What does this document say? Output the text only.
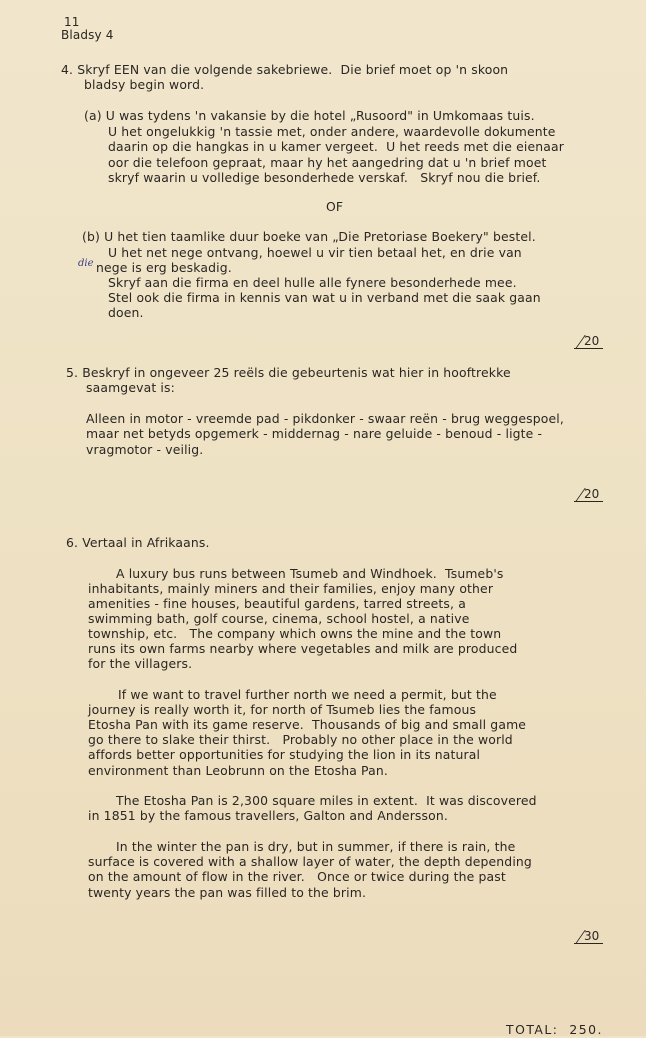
11
Bladsy 4
4. Skryf EEN van die volgende sakebriewe.  Die brief moet op 'n skoon
bladsy begin word.
(a) U was tydens 'n vakansie by die hotel „Rusoord" in Umkomaas tuis.
U het ongelukkig 'n tassie met, onder andere, waardevolle dokumente
daarin op die hangkas in u kamer vergeet.  U het reeds met die eienaar
oor die telefoon gepraat, maar hy het aangedring dat u 'n brief moet
skryf waarin u volledige besonderhede verskaf.   Skryf nou die brief.
OF
(b) U het tien taamlike duur boeke van „Die Pretoriase Boekery" bestel.
U het net nege ontvang, hoewel u vir tien betaal het, en drie van
die nege is erg beskadig.
Skryf aan die firma en deel hulle alle fynere besonderhede mee.
Stel ook die firma in kennis van wat u in verband met die saak gaan
doen.
20
5. Beskryf in ongeveer 25 reëls die gebeurtenis wat hier in hooftrekke
saamgevat is:
Alleen in motor - vreemde pad - pikdonker - swaar reën - brug weggespoel,
maar net betyds opgemerk - middernag - nare geluide - benoud - ligte -
vragmotor - veilig.
20
6. Vertaal in Afrikaans.
A luxury bus runs between Tsumeb and Windhoek.  Tsumeb's
inhabitants, mainly miners and their families, enjoy many other
amenities - fine houses, beautiful gardens, tarred streets, a
swimming bath, golf course, cinema, school hostel, a native
township, etc.   The company which owns the mine and the town
runs its own farms nearby where vegetables and milk are produced
for the villagers.
If we want to travel further north we need a permit, but the
journey is really worth it, for north of Tsumeb lies the famous
Etosha Pan with its game reserve.  Thousands of big and small game
go there to slake their thirst.   Probably no other place in the world
affords better opportunities for studying the lion in its natural
environment than Leobrunn on the Etosha Pan.
The Etosha Pan is 2,300 square miles in extent.  It was discovered
in 1851 by the famous travellers, Galton and Andersson.
In the winter the pan is dry, but in summer, if there is rain, the
surface is covered with a shallow layer of water, the depth depending
on the amount of flow in the river.   Once or twice during the past
twenty years the pan was filled to the brim.
30
TOTAL:  250.
